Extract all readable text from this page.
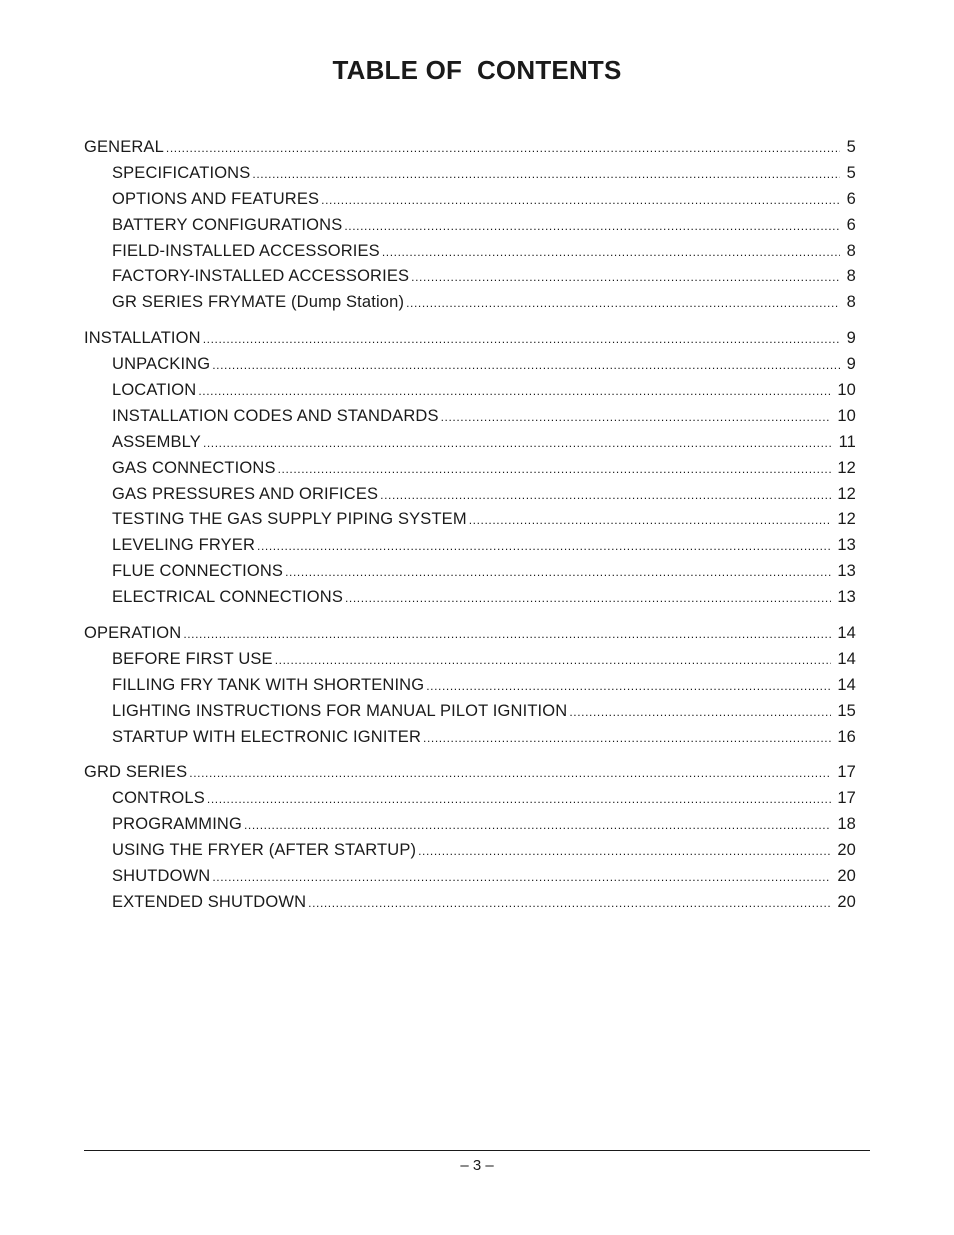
TABLE OF  CONTENTS
GENERAL .....	5
SPECIFICATIONS .....	5
OPTIONS AND FEATURES .....	6
BATTERY CONFIGURATIONS .....	6
FIELD-INSTALLED ACCESSORIES .....	8
FACTORY-INSTALLED ACCESSORIES .....	8
GR SERIES FRYMATE (Dump Station) .....	8
INSTALLATION .....	9
UNPACKING .....	9
LOCATION .....	10
INSTALLATION CODES AND STANDARDS .....	10
ASSEMBLY .....	11
GAS CONNECTIONS .....	12
GAS PRESSURES AND ORIFICES .....	12
TESTING THE GAS SUPPLY PIPING SYSTEM .....	12
LEVELING FRYER .....	13
FLUE CONNECTIONS .....	13
ELECTRICAL CONNECTIONS .....	13
OPERATION .....	14
BEFORE FIRST USE .....	14
FILLING FRY TANK WITH SHORTENING .....	14
LIGHTING INSTRUCTIONS FOR MANUAL PILOT IGNITION .....	15
STARTUP WITH ELECTRONIC IGNITER .....	16
GRD SERIES .....	17
CONTROLS .....	17
PROGRAMMING .....	18
USING THE FRYER (AFTER STARTUP) .....	20
SHUTDOWN .....	20
EXTENDED SHUTDOWN .....	20
– 3 –
